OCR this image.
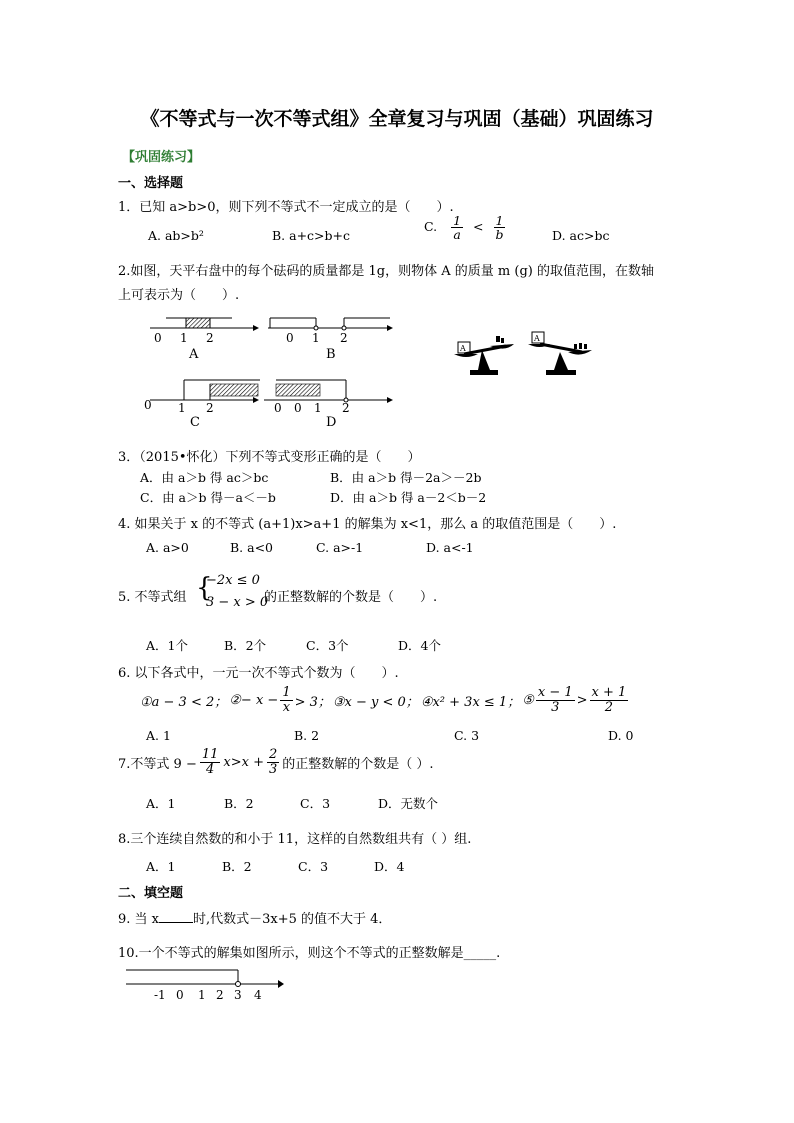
《不等式与一次不等式组》全章复习与巩固（基础）巩固练习
【巩固练习】
一、选择题
1．已知 a>b>0，则下列不等式不一定成立的是（　　）.
A. ab>b²	B. a+c>b+c
C. $\frac{1}{a} < \frac{1}{b}$	D. ac>bc
2.如图，天平右盘中的每个砝码的质量都是 1g，则物体 A 的质量 m (g) 的取值范围，在数轴
上可表示为（　　）.
0 1 2
A
0 1 2
B
0 1 2
C
0 0 1 2
D
A
A
3．（2015•怀化）下列不等式变形正确的是（　　）
A．由 a＞b 得 ac＞bc	B．由 a＞b 得－2a＞－2b
C．由 a＞b 得－a＜－b	D．由 a＞b 得 a－2＜b－2
4. 如果关于 x 的不等式 (a+1)x>a+1 的解集为 x<1，那么 a 的取值范围是（　　）.
A. a>0	B. a<0	C. a>-1	D. a<-1
5. 不等式组 {
−2x ≤ 0
3 − x > 0
的正整数解的个数是（　　）.
A．1个	B．2个	C．3个	D．4个
6. 以下各式中，一元一次不等式个数为（　　）.
①a − 3 < 2； ②− $x - \frac{1}{x} > 3$； ③x − y < 0； ④x² + 3x ≤ 1； ⑤ $\frac{x - 1}{3} > \frac{x + 1}{2}$
A. 1	B. 2	C. 3	D. 0
7.不等式 $9 - \frac{11}{4} x>x + \frac{2}{3}$ 的正整数解的个数是（ ）.
A．1	B．2	C．3	D．无数个
8.三个连续自然数的和小于 11，这样的自然数组共有（ ）组.
A．1	B．2	C．3	D．4
二、填空题
9. 当 x	时,代数式－3x+5 的值不大于 4．
10.一个不等式的解集如图所示，则这个不等式的正整数解是_____.
-1 0 1 2 3 4
